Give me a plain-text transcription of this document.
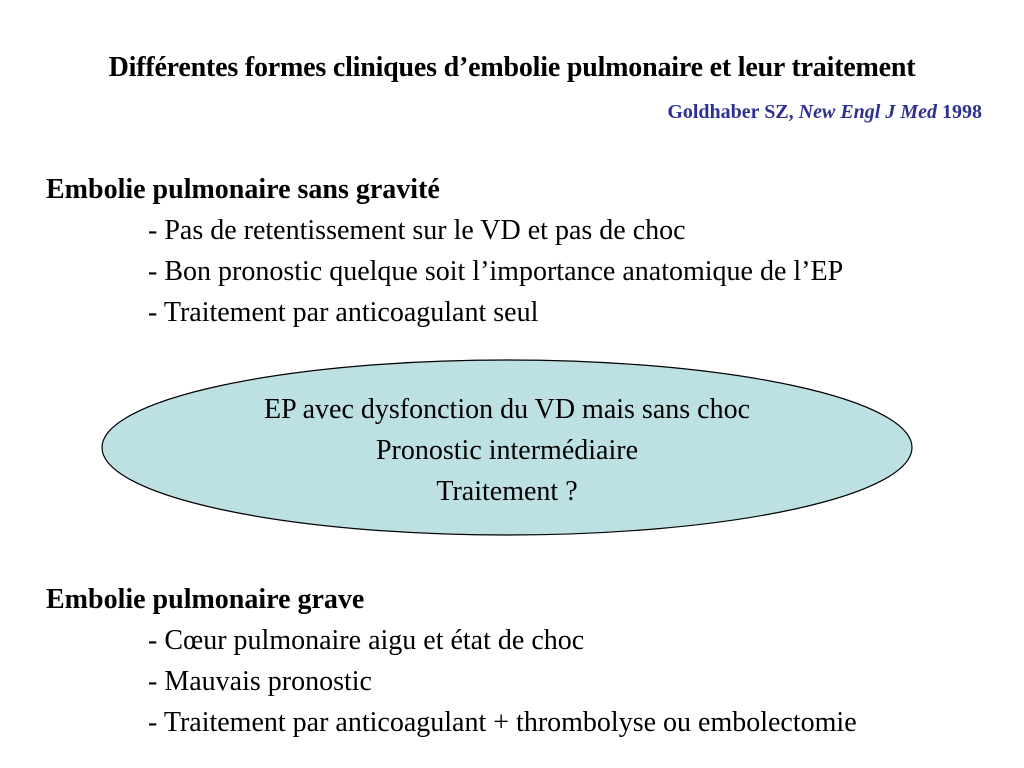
Différentes formes cliniques d’embolie pulmonaire et leur traitement
Goldhaber SZ, New Engl J Med 1998
Embolie pulmonaire sans gravité
- Pas de retentissement sur le VD et pas de choc
- Bon pronostic quelque soit l’importance anatomique de l’EP
- Traitement par anticoagulant seul
EP avec dysfonction du VD mais sans choc
Pronostic intermédiaire
Traitement ?
Embolie pulmonaire grave
- Cœur pulmonaire aigu et état de choc
- Mauvais pronostic
- Traitement par anticoagulant + thrombolyse ou embolectomie
